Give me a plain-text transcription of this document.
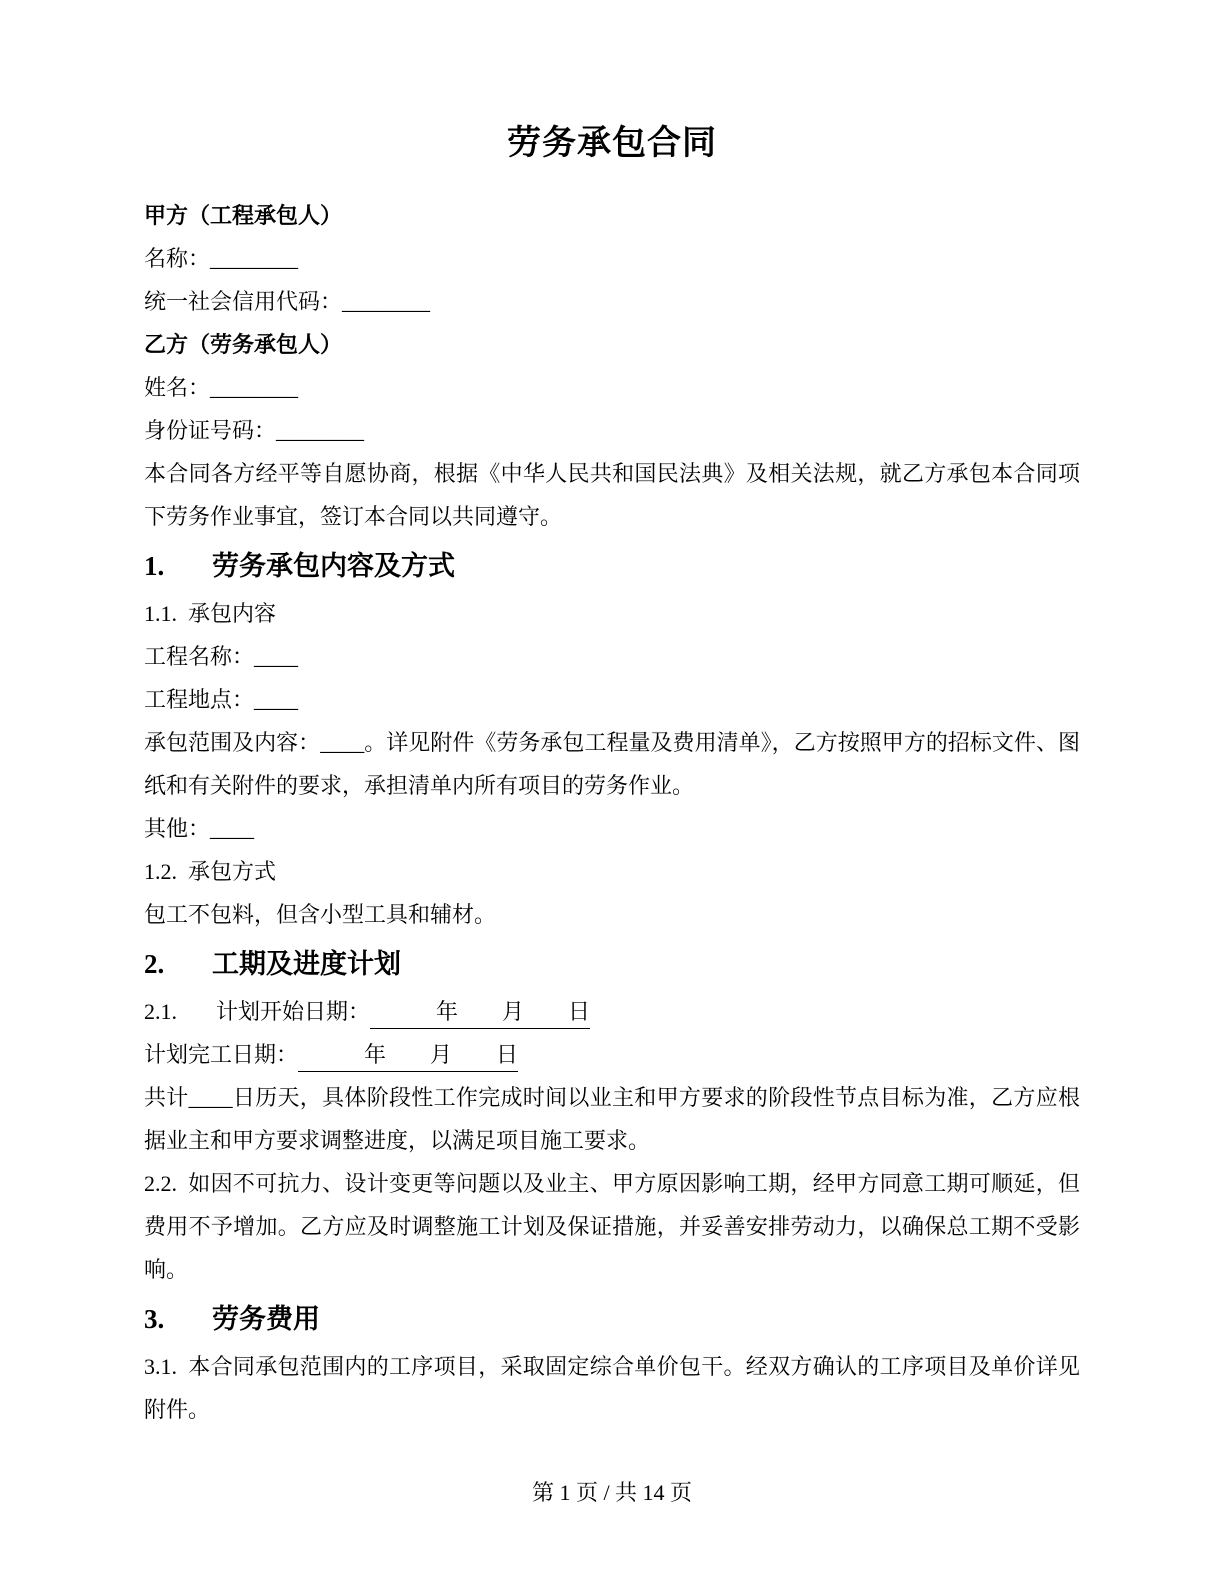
劳务承包合同

甲方（工程承包人）

名称：________

统一社会信用代码：________

乙方（劳务承包人）

姓名：________

身份证号码：________

本合同各方经平等自愿协商，根据《中华人民共和国民法典》及相关法规，就乙方承包本合同项下劳务作业事宜，签订本合同以共同遵守。

1. 劳务承包内容及方式

1.1. 承包内容

工程名称：____

工程地点：____

承包范围及内容：____。详见附件《劳务承包工程量及费用清单》，乙方按照甲方的招标文件、图纸和有关附件的要求，承担清单内所有项目的劳务作业。

其他：____

1.2. 承包方式

包工不包料，但含小型工具和辅材。

2. 工期及进度计划

2.1. 计划开始日期：　　　年　　月　　日

计划完工日期：　　　年　　月　　日

共计____日历天，具体阶段性工作完成时间以业主和甲方要求的阶段性节点目标为准，乙方应根据业主和甲方要求调整进度，以满足项目施工要求。

2.2. 如因不可抗力、设计变更等问题以及业主、甲方原因影响工期，经甲方同意工期可顺延，但费用不予增加。乙方应及时调整施工计划及保证措施，并妥善安排劳动力，以确保总工期不受影响。

3. 劳务费用

3.1. 本合同承包范围内的工序项目，采取固定综合单价包干。经双方确认的工序项目及单价详见附件。

第 1 页 / 共 14 页
